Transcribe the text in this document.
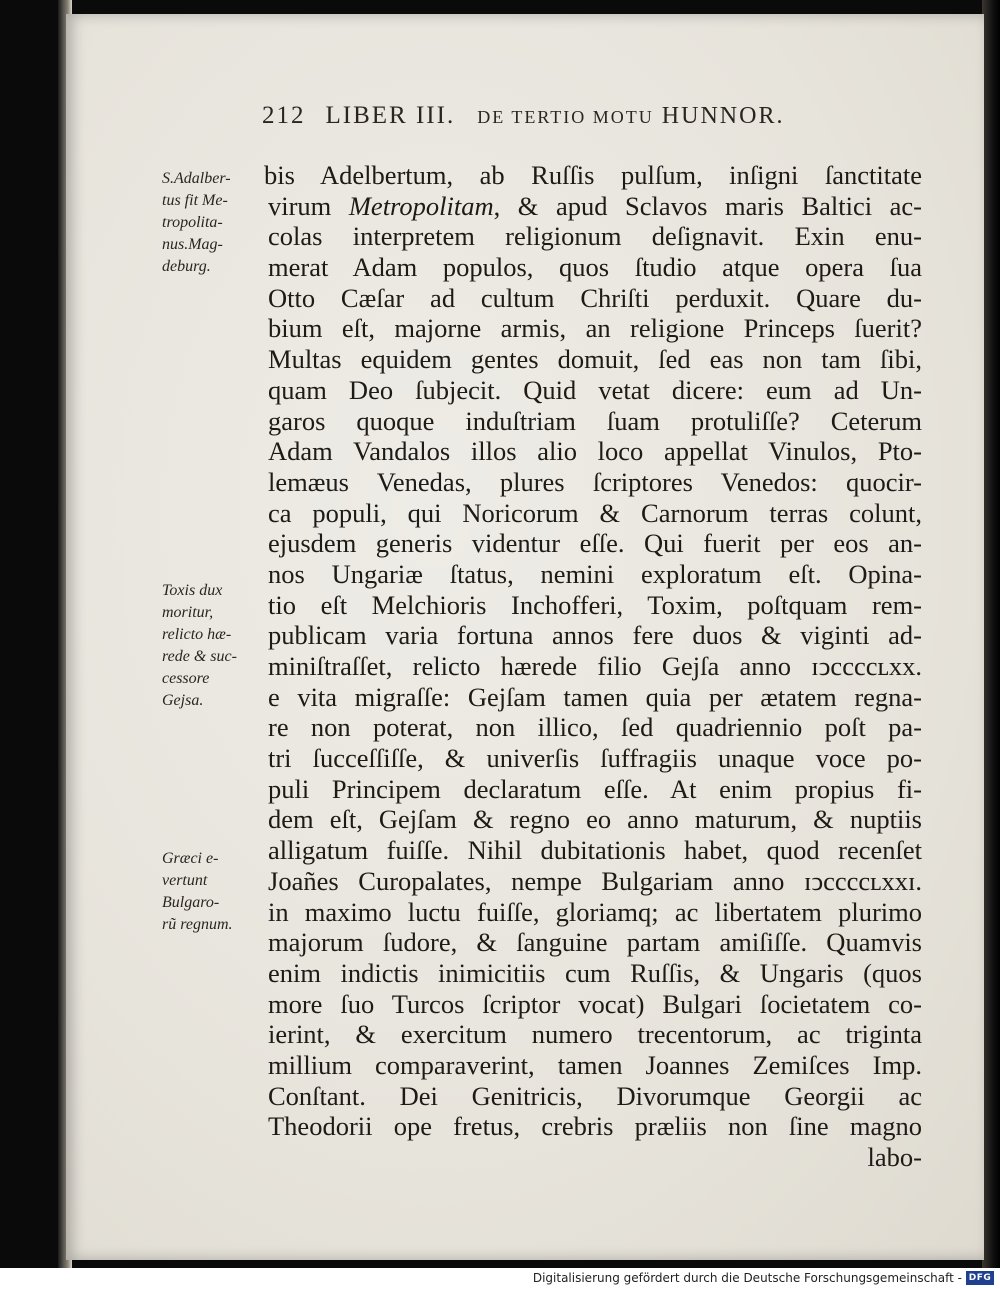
212 LIBER III. DE TERTIO MOTU HUNNOR.
S.Adalber-
tus fit Me-
tropolita-
nus.Mag-
deburg.
Toxis dux
moritur,
relicto hæ-
rede & suc-
cessore
Gejsa.
Græci e-
vertunt
Bulgaro-
rũ regnum.
bis Adelbertum, ab Ruſſis pulſum, inſigni ſanctitate
virum Metropolitam, & apud Sclavos maris Baltici ac-
colas interpretem religionum deſignavit. Exin enu-
merat Adam populos, quos ſtudio atque opera ſua
Otto Cæſar ad cultum Chriſti perduxit. Quare du-
bium eſt, majorne armis, an religione Princeps ſuerit?
Multas equidem gentes domuit, ſed eas non tam ſibi,
quam Deo ſubjecit. Quid vetat dicere: eum ad Un-
garos quoque induſtriam ſuam protuliſſe? Ceterum
Adam Vandalos illos alio loco appellat Vinulos, Pto-
lemæus Venedas, plures ſcriptores Venedos: quocir-
ca populi, qui Noricorum & Carnorum terras colunt,
ejusdem generis videntur eſſe. Qui fuerit per eos an-
nos Ungariæ ſtatus, nemini exploratum eſt. Opina-
tio eſt Melchioris Inchofferi, Toxim, poſtquam rem-
publicam varia fortuna annos fere duos & viginti ad-
miniſtraſſet, relicto hærede filio Gejſa anno ɪↄccccʟxx.
e vita migraſſe: Gejſam tamen quia per ætatem regna-
re non poterat, non illico, ſed quadriennio poſt pa-
tri ſucceſſiſſe, & univerſis ſuffragiis unaque voce po-
puli Principem declaratum eſſe. At enim propius fi-
dem eſt, Gejſam & regno eo anno maturum, & nuptiis
alligatum fuiſſe. Nihil dubitationis habet, quod recenſet
Joañes Curopalates, nempe Bulgariam anno ɪↄccccʟxxɪ.
in maximo luctu fuiſſe, gloriamq; ac libertatem plurimo
majorum ſudore, & ſanguine partam amiſiſſe. Quamvis
enim indictis inimicitiis cum Ruſſis, & Ungaris (quos
more ſuo Turcos ſcriptor vocat) Bulgari ſocietatem co-
ierint, & exercitum numero trecentorum, ac triginta
millium comparaverint, tamen Joannes Zemiſces Imp.
Conſtant. Dei Genitricis, Divorumque Georgii ac
Theodorii ope fretus, crebris præliis non ſine magno
labo-
Digitalisierung gefördert durch die Deutsche Forschungsgemeinschaft - DFG
